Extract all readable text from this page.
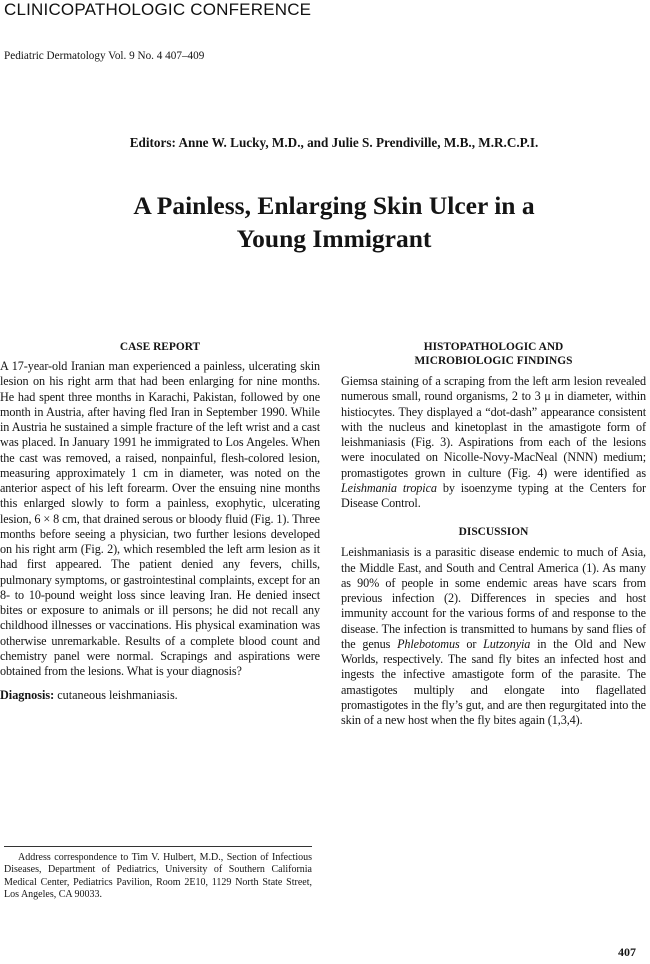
CLINICOPATHOLOGIC CONFERENCE
Pediatric Dermatology Vol. 9 No. 4 407–409
Editors: Anne W. Lucky, M.D., and Julie S. Prendiville, M.B., M.R.C.P.I.
A Painless, Enlarging Skin Ulcer in a
Young Immigrant
CASE REPORT

A 17-year-old Iranian man experienced a painless, ulcerating skin lesion on his right arm that had been enlarging for nine months. He had spent three months in Karachi, Pakistan, followed by one month in Austria, after having fled Iran in September 1990. While in Austria he sustained a simple fracture of the left wrist and a cast was placed. In January 1991 he immigrated to Los Angeles. When the cast was removed, a raised, nonpainful, flesh-colored lesion, measuring approximately 1 cm in diameter, was noted on the anterior aspect of his left forearm. Over the ensuing nine months this enlarged slowly to form a painless, exophytic, ulcerating lesion, 6 × 8 cm, that drained serous or bloody fluid (Fig. 1). Three months before seeing a physician, two further lesions developed on his right arm (Fig. 2), which resembled the left arm lesion as it had first appeared. The patient denied any fevers, chills, pulmonary symptoms, or gastrointestinal complaints, except for an 8- to 10-pound weight loss since leaving Iran. He denied insect bites or exposure to animals or ill persons; he did not recall any childhood illnesses or vaccinations. His physical examination was otherwise unremarkable. Results of a complete blood count and chemistry panel were normal. Scrapings and aspirations were obtained from the lesions. What is your diagnosis?

Diagnosis: cutaneous leishmaniasis.

HISTOPATHOLOGIC AND
MICROBIOLOGIC FINDINGS

Giemsa staining of a scraping from the left arm lesion revealed numerous small, round organisms, 2 to 3 μ in diameter, within histiocytes. They displayed a “dot-dash” appearance consistent with the nucleus and kinetoplast in the amastigote form of leishmaniasis (Fig. 3). Aspirations from each of the lesions were inoculated on Nicolle-Novy-MacNeal (NNN) medium; promastigotes grown in culture (Fig. 4) were identified as Leishmania tropica by isoenzyme typing at the Centers for Disease Control.

DISCUSSION

Leishmaniasis is a parasitic disease endemic to much of Asia, the Middle East, and South and Central America (1). As many as 90% of people in some endemic areas have scars from previous infection (2). Differences in species and host immunity account for the various forms of and response to the disease. The infection is transmitted to humans by sand flies of the genus Phlebotomus or Lutzonyia in the Old and New Worlds, respectively. The sand fly bites an infected host and ingests the infective amastigote form of the parasite. The amastigotes multiply and elongate into flagellated promastigotes in the fly’s gut, and are then regurgitated into the skin of a new host when the fly bites again (1,3,4).

Address correspondence to Tim V. Hulbert, M.D., Section of Infectious Diseases, Department of Pediatrics, University of Southern California Medical Center, Pediatrics Pavilion, Room 2E10, 1129 North State Street, Los Angeles, CA 90033.
407
